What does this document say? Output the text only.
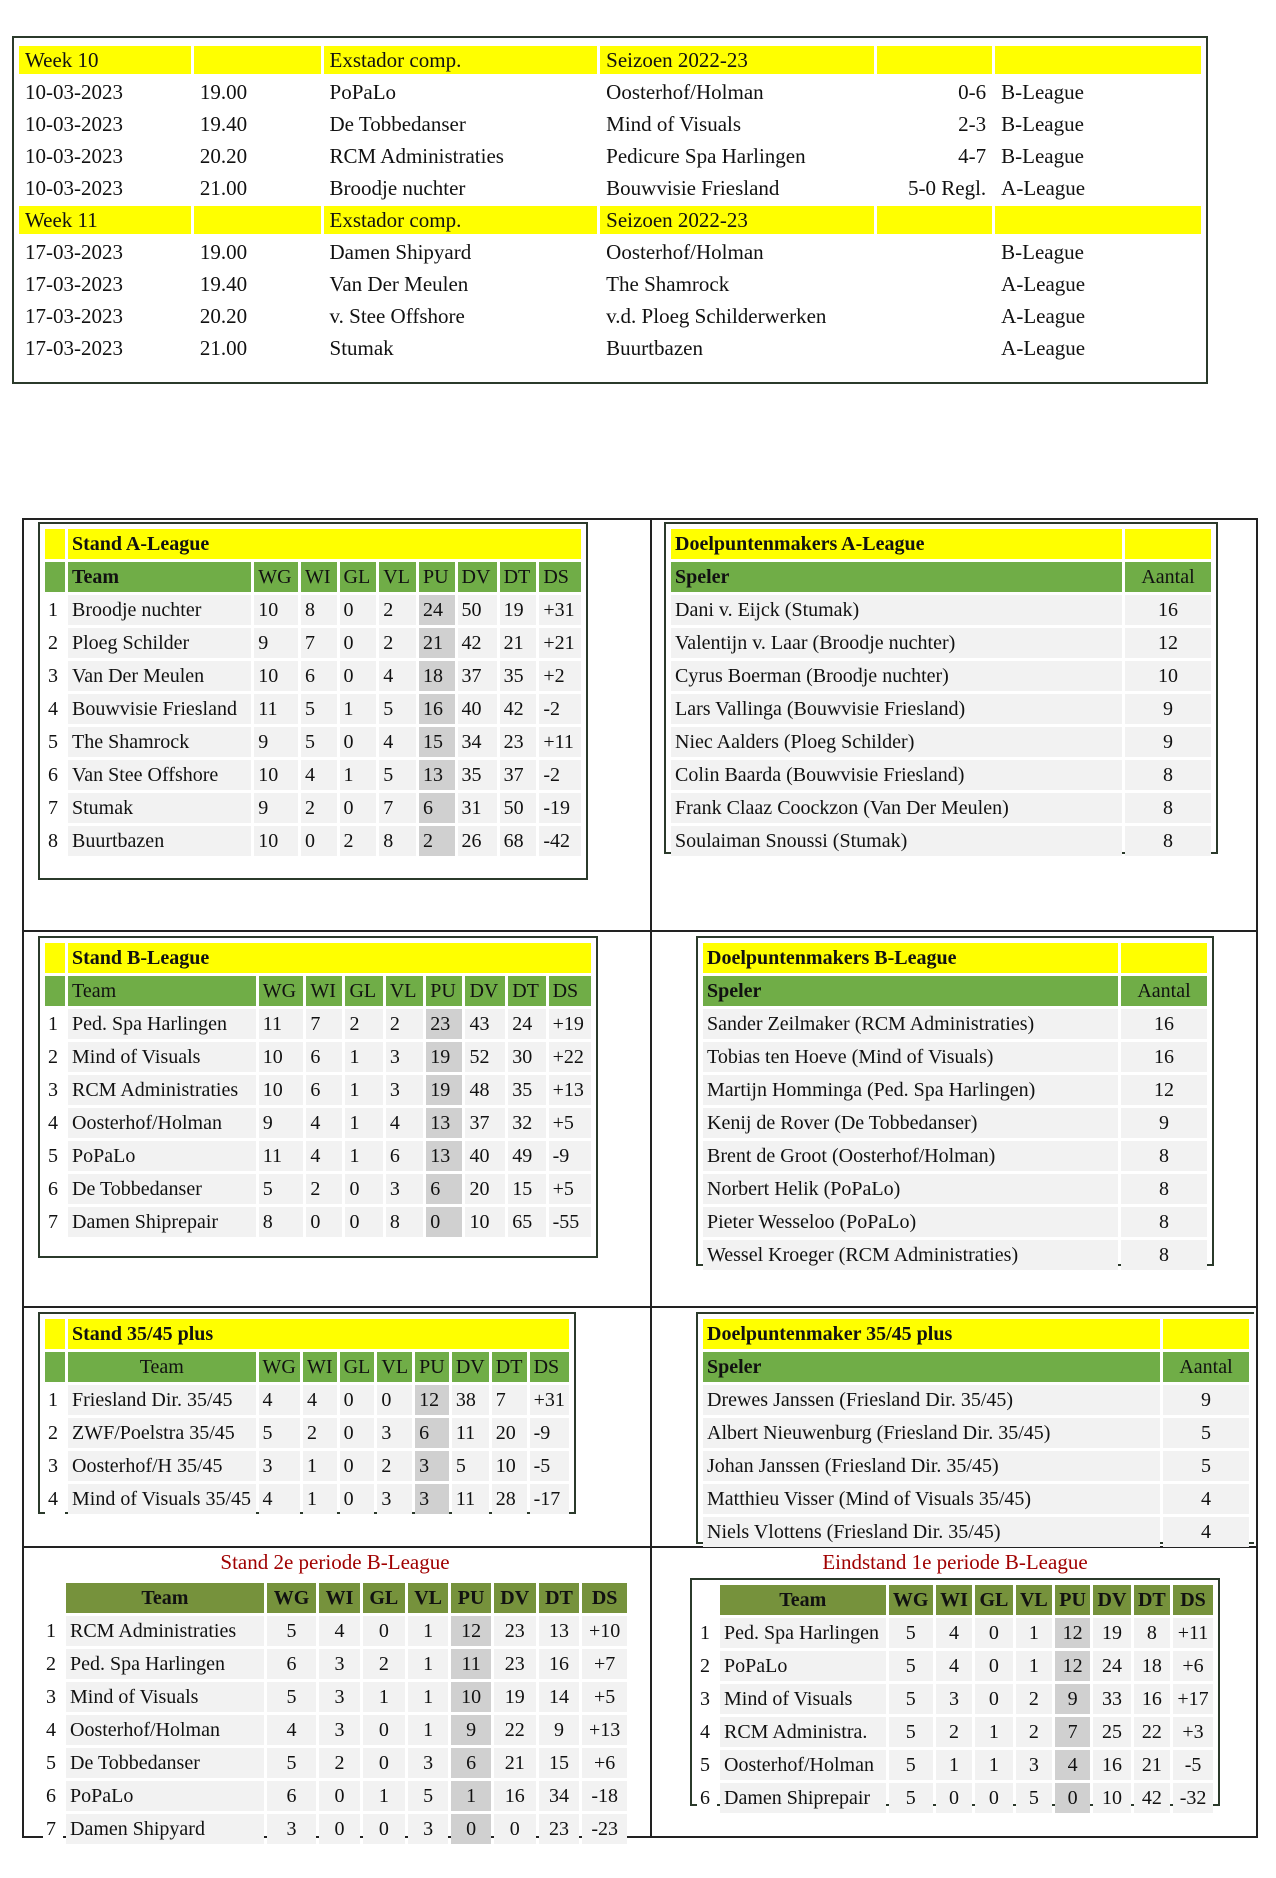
Week 10		Exstador comp.	Seizoen 2022-23		
10-03-2023	19.00	PoPaLo	Oosterhof/Holman	0-6	B-League
10-03-2023	19.40	De Tobbedanser	Mind of Visuals	2-3	B-League
10-03-2023	20.20	RCM Administraties	Pedicure Spa Harlingen	4-7	B-League
10-03-2023	21.00	Broodje nuchter	Bouwvisie Friesland	5-0 Regl.	A-League
Week 11		Exstador comp.	Seizoen 2022-23		
17-03-2023	19.00	Damen Shipyard	Oosterhof/Holman		B-League
17-03-2023	19.40	Van Der Meulen	The Shamrock		A-League
17-03-2023	20.20	v. Stee Offshore	v.d. Ploeg Schilderwerken		A-League
17-03-2023	21.00	Stumak	Buurtbazen		A-League
	Stand A-League								
	Team	WG	WI	GL	VL	PU	DV	DT	DS
1	Broodje nuchter	10	8	0	2	24	50	19	+31
2	Ploeg Schilder	9	7	0	2	21	42	21	+21
3	Van Der Meulen	10	6	0	4	18	37	35	+2
4	Bouwvisie Friesland	11	5	1	5	16	40	42	-2
5	The Shamrock	9	5	0	4	15	34	23	+11
6	Van Stee Offshore	10	4	1	5	13	35	37	-2
7	Stumak	9	2	0	7	6	31	50	-19
8	Buurtbazen	10	0	2	8	2	26	68	-42
Doelpuntenmakers A-League	
Speler	Aantal
Dani v. Eijck (Stumak)	16
Valentijn v. Laar (Broodje nuchter)	12
Cyrus Boerman (Broodje nuchter)	10
Lars Vallinga (Bouwvisie Friesland)	9
Niec Aalders (Ploeg Schilder)	9
Colin Baarda (Bouwvisie Friesland)	8
Frank Claaz Coockzon (Van Der Meulen)	8
Soulaiman Snoussi (Stumak)	8
	Stand B-League								
	Team	WG	WI	GL	VL	PU	DV	DT	DS
1	Ped. Spa Harlingen	11	7	2	2	23	43	24	+19
2	Mind of Visuals	10	6	1	3	19	52	30	+22
3	RCM Administraties	10	6	1	3	19	48	35	+13
4	Oosterhof/Holman	9	4	1	4	13	37	32	+5
5	PoPaLo	11	4	1	6	13	40	49	-9
6	De Tobbedanser	5	2	0	3	6	20	15	+5
7	Damen Shiprepair	8	0	0	8	0	10	65	-55
Doelpuntenmakers B-League	
Speler	Aantal
Sander Zeilmaker (RCM Administraties)	16
Tobias ten Hoeve (Mind of Visuals)	16
Martijn Homminga (Ped. Spa Harlingen)	12
Kenij de Rover (De Tobbedanser)	9
Brent de Groot (Oosterhof/Holman)	8
Norbert Helik (PoPaLo)	8
Pieter Wesseloo (PoPaLo)	8
Wessel Kroeger (RCM Administraties)	8
	Stand 35/45 plus								
	Team	WG	WI	GL	VL	PU	DV	DT	DS
1	Friesland Dir. 35/45	4	4	0	0	12	38	7	+31
2	ZWF/Poelstra 35/45	5	2	0	3	6	11	20	-9
3	Oosterhof/H 35/45	3	1	0	2	3	5	10	-5
4	Mind of Visuals 35/45	4	1	0	3	3	11	28	-17
Doelpuntenmaker 35/45 plus	
Speler	Aantal
Drewes Janssen (Friesland Dir. 35/45)	9
Albert Nieuwenburg (Friesland Dir. 35/45)	5
Johan Janssen (Friesland Dir. 35/45)	5
Matthieu Visser (Mind of Visuals 35/45)	4
Niels Vlottens (Friesland Dir. 35/45)	4
Stand 2e periode B-League	Eindstand 1e periode B-League
	Team	WG	WI	GL	VL	PU	DV	DT	DS
1	RCM Administraties	5	4	0	1	12	23	13	+10
2	Ped. Spa Harlingen	6	3	2	1	11	23	16	+7
3	Mind of Visuals	5	3	1	1	10	19	14	+5
4	Oosterhof/Holman	4	3	0	1	9	22	9	+13
5	De Tobbedanser	5	2	0	3	6	21	15	+6
6	PoPaLo	6	0	1	5	1	16	34	-18
7	Damen Shipyard	3	0	0	3	0	0	23	-23
	Team	WG	WI	GL	VL	PU	DV	DT	DS
1	Ped. Spa Harlingen	5	4	0	1	12	19	8	+11
2	PoPaLo	5	4	0	1	12	24	18	+6
3	Mind of Visuals	5	3	0	2	9	33	16	+17
4	RCM Administra.	5	2	1	2	7	25	22	+3
5	Oosterhof/Holman	5	1	1	3	4	16	21	-5
6	Damen Shiprepair	5	0	0	5	0	10	42	-32
